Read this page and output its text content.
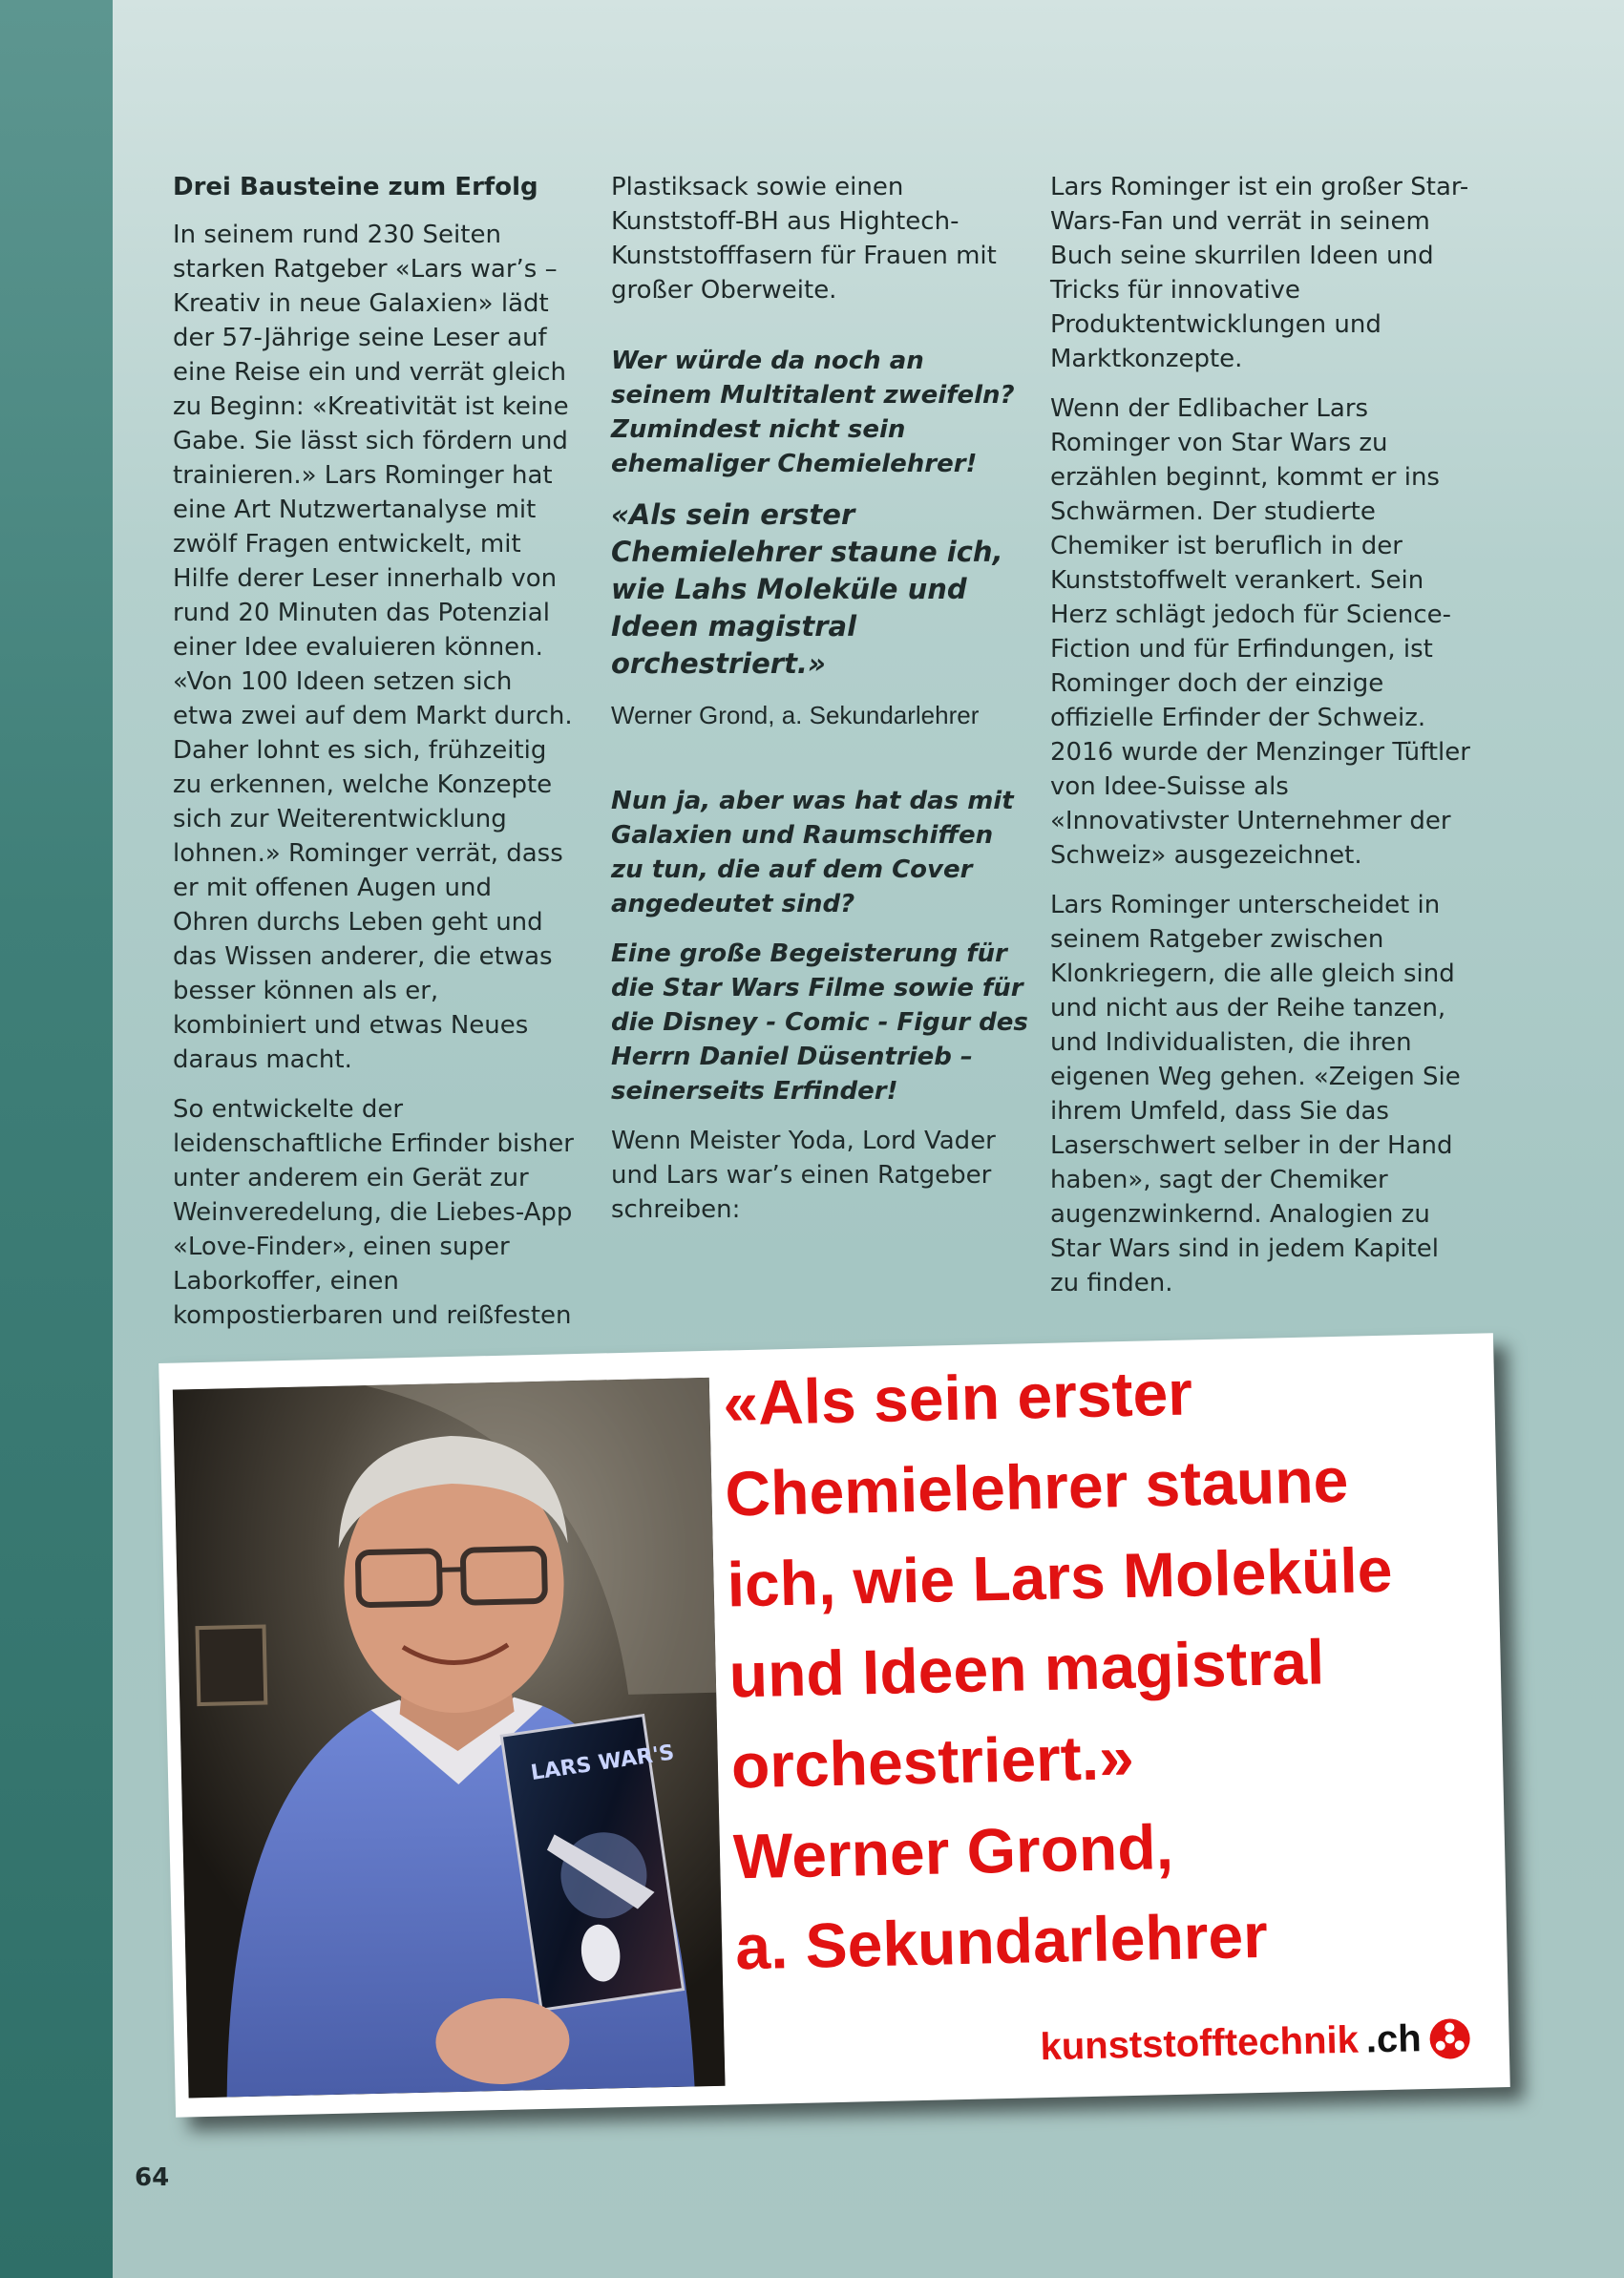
Drei Bausteine zum Erfolg

In seinem rund 230 Seiten starken Ratgeber «Lars war’s – Kreativ in neue Galaxien» lädt der 57-Jährige seine Leser auf eine Reise ein und verrät gleich zu Beginn: «Kreativität ist keine Gabe. Sie lässt sich fördern und trainieren.» Lars Rominger hat eine Art Nutzwertanalyse mit zwölf Fragen entwickelt, mit Hilfe derer Leser innerhalb von rund 20 Minuten das Potenzial einer Idee evaluieren können. «Von 100 Ideen setzen sich etwa zwei auf dem Markt durch. Daher lohnt es sich, frühzeitig zu erkennen, welche Konzepte sich zur Weiterentwicklung lohnen.» Rominger verrät, dass er mit offenen Augen und Ohren durchs Leben geht und das Wissen anderer, die etwas besser können als er, kombiniert und etwas Neues daraus macht.

So entwickelte der leidenschaftliche Erfinder bisher unter anderem ein Gerät zur Weinveredelung, die Liebes-App «Love-Finder», einen super Laborkoffer, einen kompostierbaren und reißfesten

Plastiksack sowie einen Kunststoff-BH aus Hightech-Kunststofffasern für Frauen mit großer Oberweite.

Wer würde da noch an seinem Multitalent zweifeln? Zumindest nicht sein ehemaliger Chemielehrer!

«Als sein erster Chemielehrer staune ich, wie Lahs Moleküle und Ideen magistral orchestriert.»

Werner Grond, a. Sekundarlehrer

Nun ja, aber was hat das mit Galaxien und Raumschiffen zu tun, die auf dem Cover angedeutet sind?

Eine große Begeisterung für die Star Wars Filme sowie für die Disney - Comic - Figur des Herrn Daniel Düsentrieb – seinerseits Erfinder!

Wenn Meister Yoda, Lord Vader und Lars war’s einen Ratgeber schreiben:

Lars Rominger ist ein großer Star-Wars-Fan und verrät in seinem Buch seine skurrilen Ideen und Tricks für innovative Produktentwicklungen und Marktkonzepte.

Wenn der Edlibacher Lars Rominger von Star Wars zu erzählen beginnt, kommt er ins Schwärmen. Der studierte Chemiker ist beruflich in der Kunststoffwelt verankert. Sein Herz schlägt jedoch für Science-Fiction und für Erfindungen, ist Rominger doch der einzige offizielle Erfinder der Schweiz. 2016 wurde der Menzinger Tüftler von Idee-Suisse als «Innovativster Unternehmer der Schweiz» ausgezeichnet.

Lars Rominger unterscheidet in seinem Ratgeber zwischen Klonkriegern, die alle gleich sind und nicht aus der Reihe tanzen, und Individualisten, die ihren eigenen Weg gehen. «Zeigen Sie ihrem Umfeld, dass Sie das Laserschwert selber in der Hand haben», sagt der Chemiker augenzwinkernd. Analogien zu Star Wars sind in jedem Kapitel zu finden.

LARS WAR'S
«Als sein erster
Chemielehrer staune
ich, wie Lars Moleküle
und Ideen magistral
orchestriert.»
Werner Grond,
a. Sekundarlehrer
kunststofftechnik .ch
64
